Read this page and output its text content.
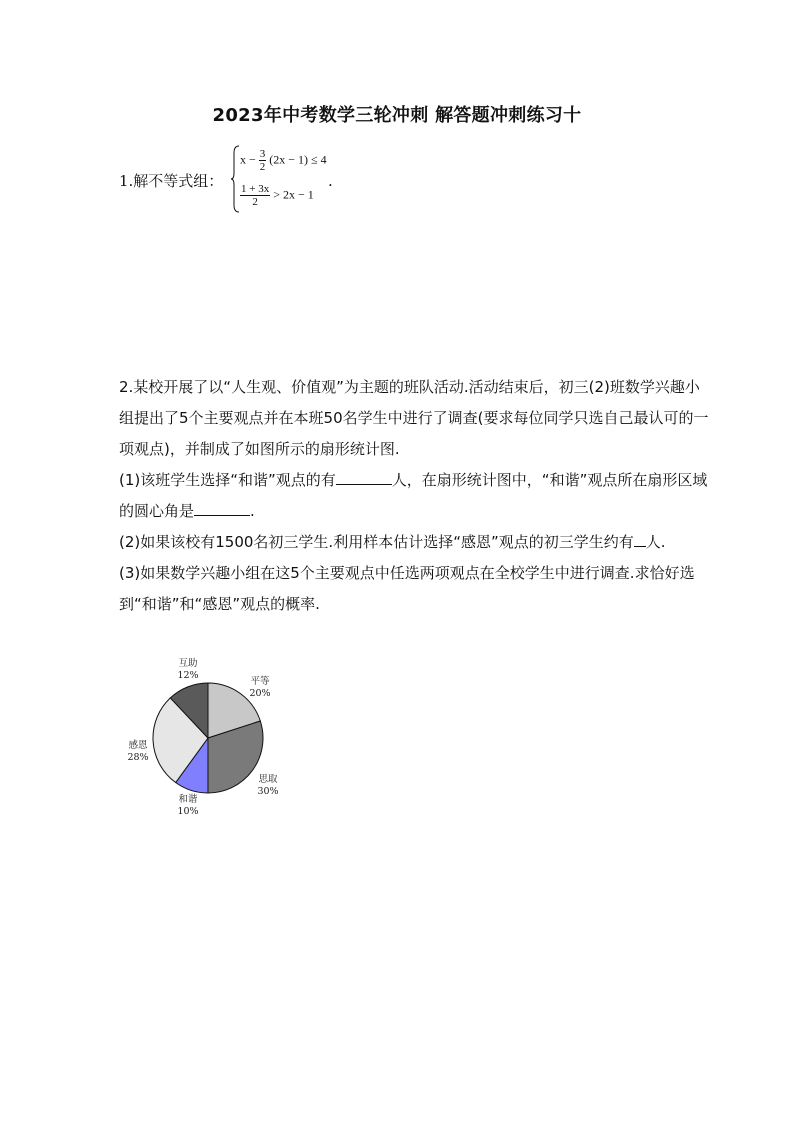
2023年中考数学三轮冲刺 解答题冲刺练习十
1.解不等式组：
$x - \frac{3}{2} (2x - 1) \le 4$
$\frac{1 + 3x}{2} > 2x - 1$
.

2.某校开展了以“人生观、价值观”为主题的班队活动.活动结束后，初三(2)班数学兴趣小组提出了5个主要观点并在本班50名学生中进行了调查(要求每位同学只选自己最认可的一项观点)，并制成了如图所示的扇形统计图.

(1)该班学生选择“和谐”观点的有	人，在扇形统计图中，“和谐”观点所在扇形区域的圆心角是	.

(2)如果该校有1500名初三学生.利用样本估计选择“感恩”观点的初三学生约有 人.

(3)如果数学兴趣小组在这5个主要观点中任选两项观点在全校学生中进行调查.求恰好选到“和谐”和“感恩”观点的概率.

平等
20%
思取
30%
和谐
10%
感恩
28%
互助
12%
